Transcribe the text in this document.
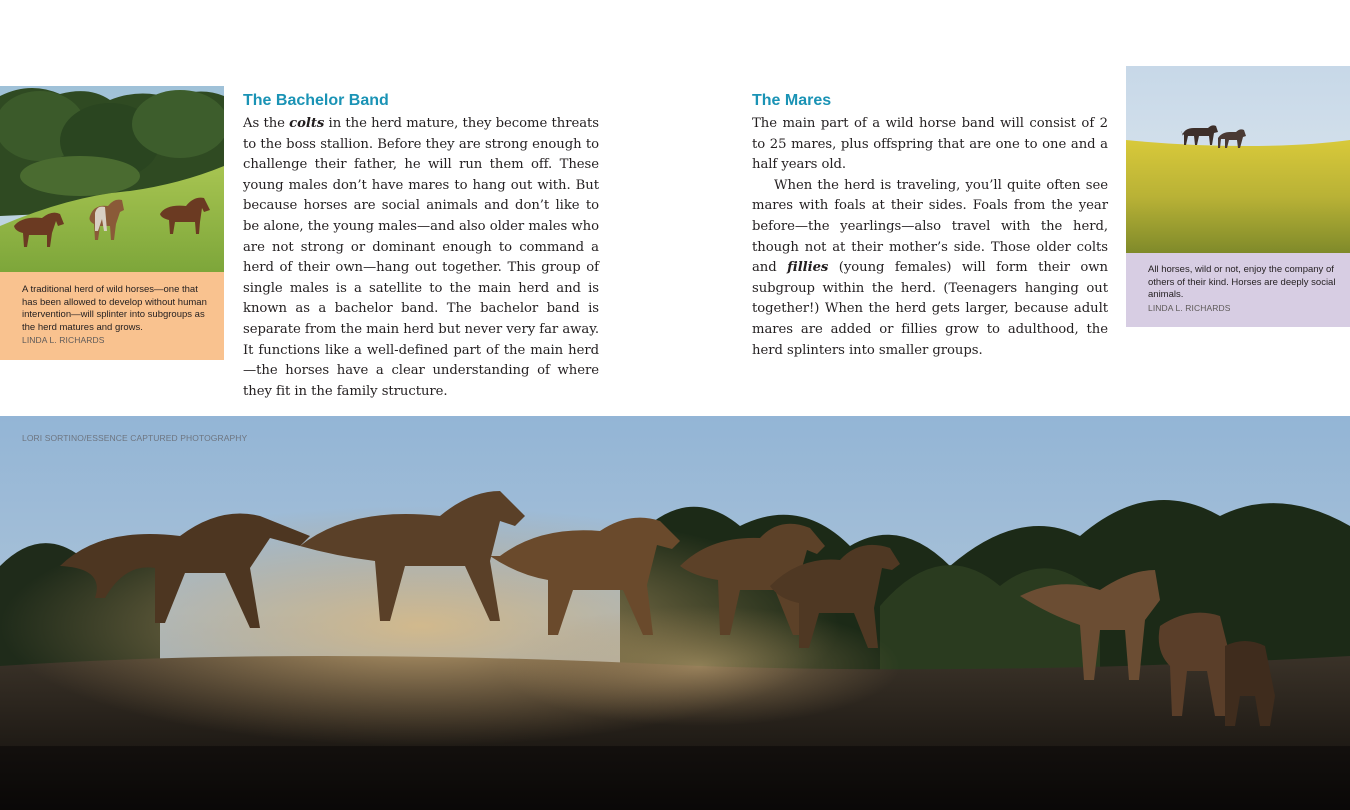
A traditional herd of wild horses—one that has been allowed to develop without human intervention—will splinter into subgroups as the herd matures and grows.
LINDA L. RICHARDS
The Bachelor Band

As the colts in the herd mature, they become threats to the boss stallion. Before they are strong enough to challenge their father, he will run them off. These young males don’t have mares to hang out with. But because horses are social animals and don’t like to be alone, the young males—and also older males who are not strong or dominant enough to command a herd of their own—hang out together. This group of single males is a satellite to the main herd and is known as a bachelor band. The bachelor band is separate from the main herd but never very far away. It functions like a well-defined part of the main herd—the horses have a clear understanding of where they fit in the family structure.

The Mares

The main part of a wild horse band will consist of 2 to 25 mares, plus offspring that are one to one and a half years old.

When the herd is traveling, you’ll quite often see mares with foals at their sides. Foals from the year before—the yearlings—also travel with the herd, though not at their mother’s side. Those older colts and fillies (young females) will form their own subgroup within the herd. (Teenagers hanging out together!) When the herd gets larger, because adult mares are added or fillies grow to adulthood, the herd splinters into smaller groups.

All horses, wild or not, enjoy the company of others of their kind. Horses are deeply social animals.
LINDA L. RICHARDS
LORI SORTINO/ESSENCE CAPTURED PHOTOGRAPHY
